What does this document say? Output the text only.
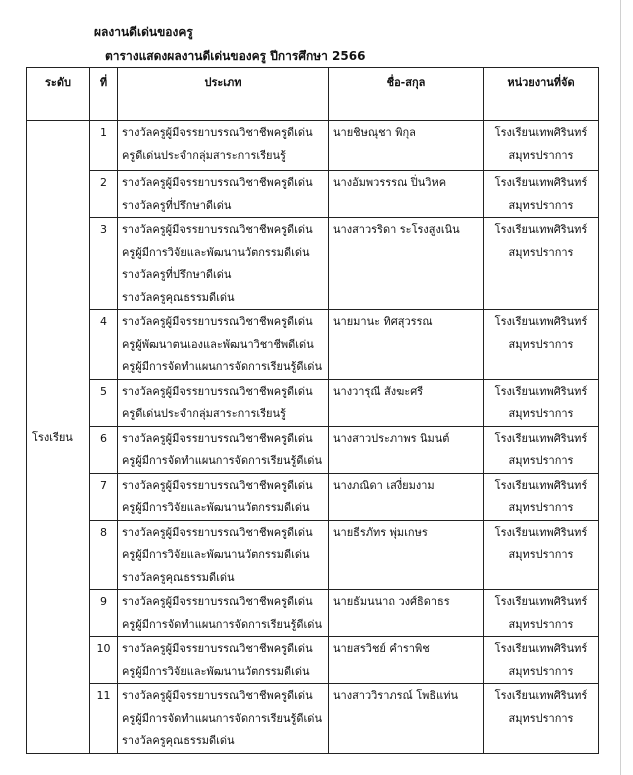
ผลงานดีเด่นของครู
ตารางแสดงผลงานดีเด่นของครู ปีการศึกษา 2566
ระดับ	ที่	ประเภท	ชื่อ-สกุล	หน่วยงานที่จัด
โรงเรียน	1	รางวัลครูผู้มีจรรยาบรรณวิชาชีพครูดีเด่น
ครูดีเด่นประจำกลุ่มสาระการเรียนรู้	นายชิษณุชา พิกุล	โรงเรียนเทพศิรินทร์
สมุทรปราการ

	2	รางวัลครูผู้มีจรรยาบรรณวิชาชีพครูดีเด่น
รางวัลครูที่ปรึกษาดีเด่น	นางอัมพวรรรณ ปิ่นวิหค	โรงเรียนเทพศิรินทร์
สมุทรปราการ

	3	รางวัลครูผู้มีจรรยาบรรณวิชาชีพครูดีเด่น
ครูผู้มีการวิจัยและพัฒนานวัตกรรมดีเด่น
รางวัลครูที่ปรึกษาดีเด่น
รางวัลครูคุณธรรมดีเด่น	นางสาวรริดา ระโรงสูงเนิน	โรงเรียนเทพศิรินทร์
สมุทรปราการ

	4	รางวัลครูผู้มีจรรยาบรรณวิชาชีพครูดีเด่น
ครูผู้พัฒนาตนเองและพัฒนาวิชาชีพดีเด่น
ครูผู้มีการจัดทำแผนการจัดการเรียนรู้ดีเด่น	นายมานะ ทิศสุวรรณ	โรงเรียนเทพศิรินทร์
สมุทรปราการ

	5	รางวัลครูผู้มีจรรยาบรรณวิชาชีพครูดีเด่น
ครูดีเด่นประจำกลุ่มสาระการเรียนรู้	นางวารุณี สังฆะศรี	โรงเรียนเทพศิรินทร์
สมุทรปราการ

	6	รางวัลครูผู้มีจรรยาบรรณวิชาชีพครูดีเด่น
ครูผู้มีการจัดทำแผนการจัดการเรียนรู้ดีเด่น	นางสาวประภาพร นิมนต์	โรงเรียนเทพศิรินทร์
สมุทรปราการ

	7	รางวัลครูผู้มีจรรยาบรรณวิชาชีพครูดีเด่น
ครูผู้มีการวิจัยและพัฒนานวัตกรรมดีเด่น	นางภณิดา เสงี่ยมงาม	โรงเรียนเทพศิรินทร์
สมุทรปราการ

	8	รางวัลครูผู้มีจรรยาบรรณวิชาชีพครูดีเด่น
ครูผู้มีการวิจัยและพัฒนานวัตกรรมดีเด่น
รางวัลครูคุณธรรมดีเด่น	นายธีรภัทร พุ่มเกษร	โรงเรียนเทพศิรินทร์
สมุทรปราการ

	9	รางวัลครูผู้มีจรรยาบรรณวิชาชีพครูดีเด่น
ครูผู้มีการจัดทำแผนการจัดการเรียนรู้ดีเด่น	นายธัมนนาถ วงศ์ธิดาธร	โรงเรียนเทพศิรินทร์
สมุทรปราการ

	10	รางวัลครูผู้มีจรรยาบรรณวิชาชีพครูดีเด่น
ครูผู้มีการวิจัยและพัฒนานวัตกรรมดีเด่น	นายสรวิชย์ คำราพิช	โรงเรียนเทพศิรินทร์
สมุทรปราการ

	11	รางวัลครูผู้มีจรรยาบรรณวิชาชีพครูดีเด่น
ครูผู้มีการจัดทำแผนการจัดการเรียนรู้ดีเด่น
รางวัลครูคุณธรรมดีเด่น	นางสาววิราภรณ์ โพธิแท่น	โรงเรียนเทพศิรินทร์
สมุทรปราการ
